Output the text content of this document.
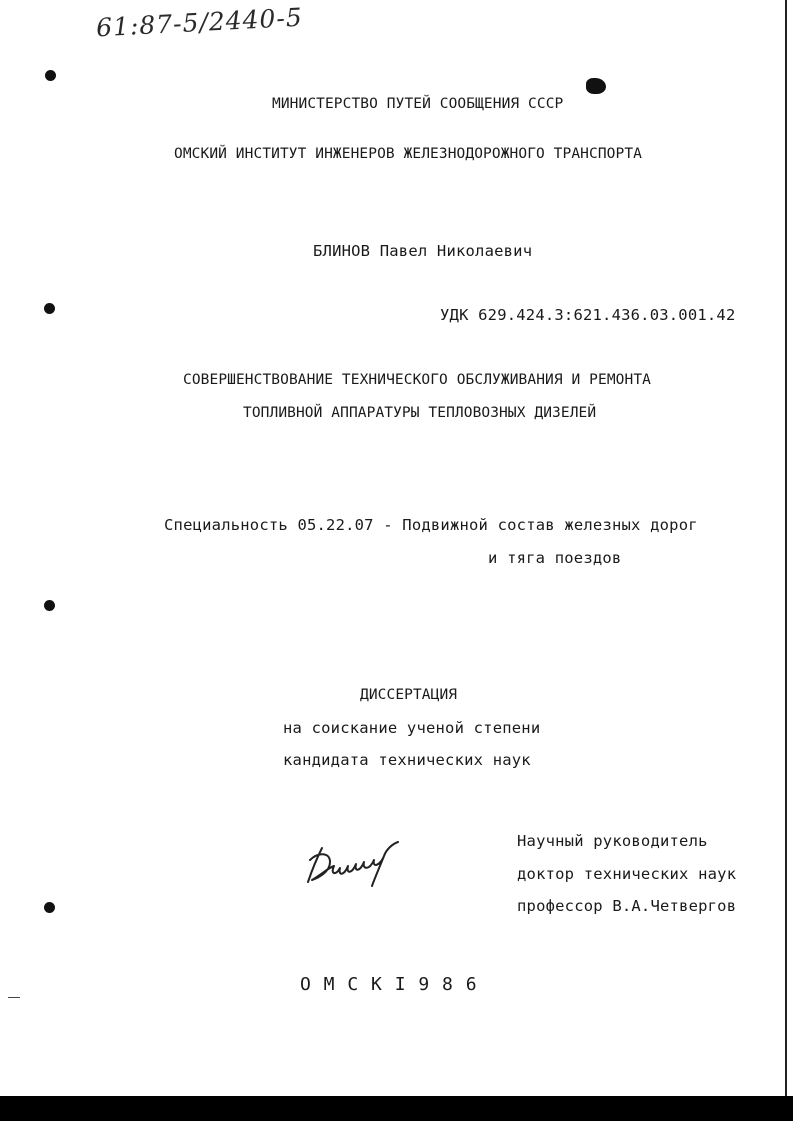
61:87-5/2440-5
МИНИСТЕРСТВО ПУТЕЙ СООБЩЕНИЯ СССР
ОМСКИЙ ИНСТИТУТ ИНЖЕНЕРОВ ЖЕЛЕЗНОДОРОЖНОГО ТРАНСПОРТА
БЛИНОВ Павел Николаевич
УДК 629.424.3:621.436.03.001.42
СОВЕРШЕНСТВОВАНИЕ ТЕХНИЧЕСКОГО ОБСЛУЖИВАНИЯ И РЕМОНТА
ТОПЛИВНОЙ АППАРАТУРЫ ТЕПЛОВОЗНЫХ ДИЗЕЛЕЙ
Специальность 05.22.07 - Подвижной состав железных дорог
и тяга поездов
ДИССЕРТАЦИЯ
на соискание ученой степени
кандидата технических наук
Научный руководитель
доктор технических наук
профессор В.А.Четвергов
О М С К І 9 8 6
